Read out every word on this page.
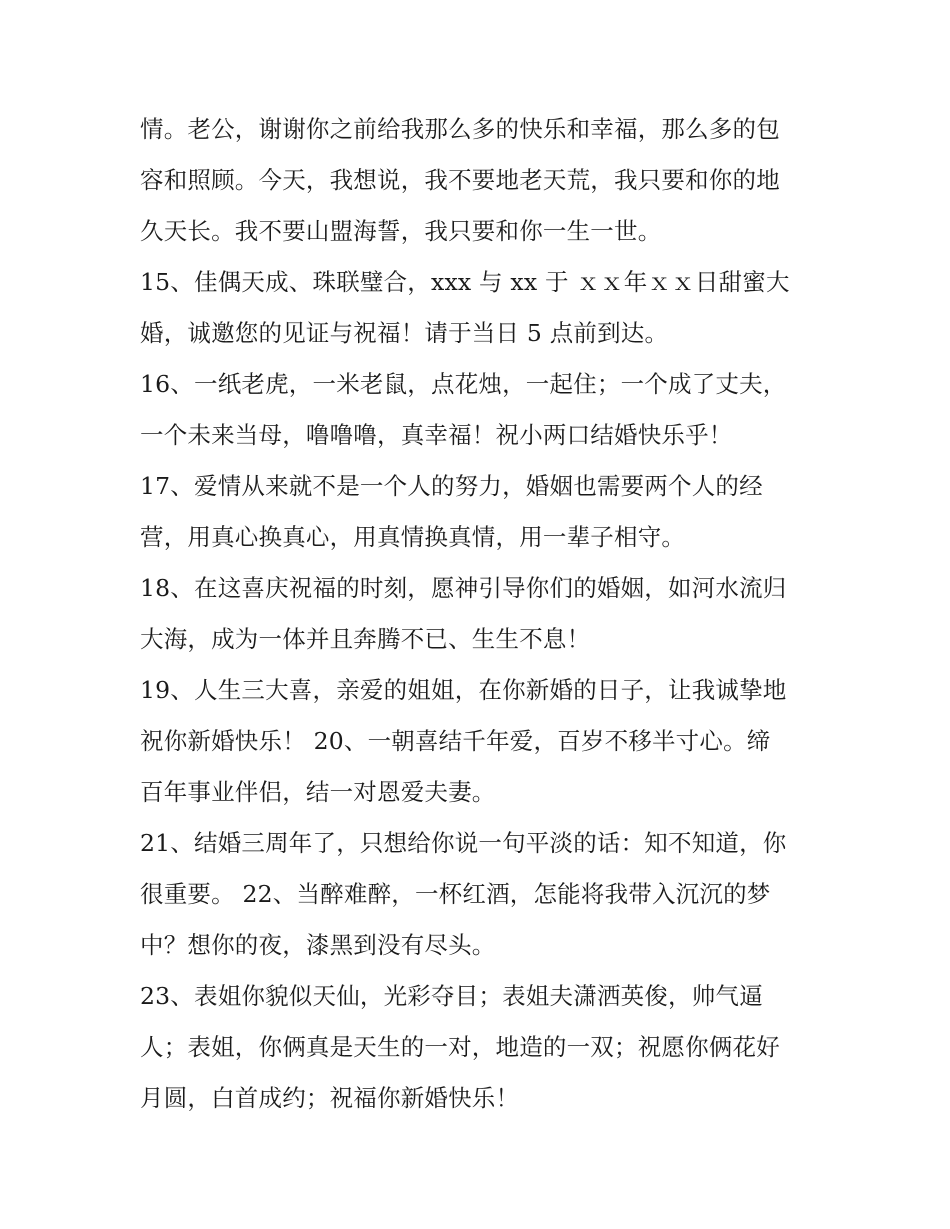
情。老公，谢谢你之前给我那么多的快乐和幸福，那么多的包
容和照顾。今天，我想说，我不要地老天荒，我只要和你的地
久天长。我不要山盟海誓，我只要和你一生一世。
15、佳偶天成、珠联璧合，xxx 与 xx 于 ｘｘ年ｘｘ日甜蜜大
婚，诚邀您的见证与祝福！请于当日 5 点前到达。
16、一纸老虎，一米老鼠，点花烛，一起住；一个成了丈夫，
一个未来当母，噜噜噜，真幸福！祝小两口结婚快乐乎！
17、爱情从来就不是一个人的努力，婚姻也需要两个人的经
营，用真心换真心，用真情换真情，用一辈子相守。
18、在这喜庆祝福的时刻，愿神引导你们的婚姻，如河水流归
大海，成为一体并且奔腾不已、生生不息！
19、人生三大喜，亲爱的姐姐，在你新婚的日子，让我诚挚地
祝你新婚快乐！ 20、一朝喜结千年爱，百岁不移半寸心。缔
百年事业伴侣，结一对恩爱夫妻。
21、结婚三周年了，只想给你说一句平淡的话：知不知道，你
很重要。 22、当醉难醉，一杯红酒，怎能将我带入沉沉的梦
中？想你的夜，漆黑到没有尽头。
23、表姐你貌似天仙，光彩夺目；表姐夫潇洒英俊，帅气逼
人；表姐，你俩真是天生的一对，地造的一双；祝愿你俩花好
月圆，白首成约；祝福你新婚快乐！
